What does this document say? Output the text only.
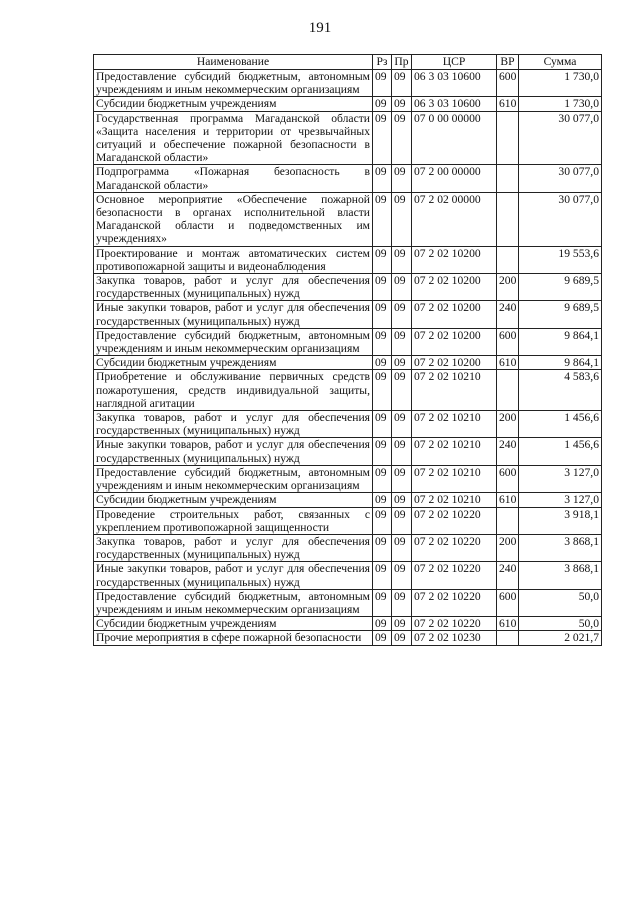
191
Наименование	Рз	Пр	ЦСР	ВР	Сумма
Предоставление субсидий бюджетным, автономным учреждениям и иным некоммерческим организациям	09	09	06 3 03 10600	600	1 730,0
Субсидии бюджетным учреждениям	09	09	06 3 03 10600	610	1 730,0
Государственная программа Магаданской области «Защита населения и территории от чрезвычайных ситуаций и обеспечение пожарной безопасности в Магаданской области»	09	09	07 0 00 00000		30 077,0
Подпрограмма «Пожарная безопасность в Магаданской области»	09	09	07 2 00 00000		30 077,0
Основное мероприятие «Обеспечение пожарной безопасности в органах исполнительной власти Магаданской области и подведомственных им учреждениях»	09	09	07 2 02 00000		30 077,0
Проектирование и монтаж автоматических систем противопожарной защиты и видеонаблюдения	09	09	07 2 02 10200		19 553,6
Закупка товаров, работ и услуг для обеспечения государственных (муниципальных) нужд	09	09	07 2 02 10200	200	9 689,5
Иные закупки товаров, работ и услуг для обеспечения государственных (муниципальных) нужд	09	09	07 2 02 10200	240	9 689,5
Предоставление субсидий бюджетным, автономным учреждениям и иным некоммерческим организациям	09	09	07 2 02 10200	600	9 864,1
Субсидии бюджетным учреждениям	09	09	07 2 02 10200	610	9 864,1
Приобретение и обслуживание первичных средств пожаротушения, средств индивидуальной защиты, наглядной агитации	09	09	07 2 02 10210		4 583,6
Закупка товаров, работ и услуг для обеспечения государственных (муниципальных) нужд	09	09	07 2 02 10210	200	1 456,6
Иные закупки товаров, работ и услуг для обеспечения государственных (муниципальных) нужд	09	09	07 2 02 10210	240	1 456,6
Предоставление субсидий бюджетным, автономным учреждениям и иным некоммерческим организациям	09	09	07 2 02 10210	600	3 127,0
Субсидии бюджетным учреждениям	09	09	07 2 02 10210	610	3 127,0
Проведение строительных работ, связанных с укреплением противопожарной защищенности	09	09	07 2 02 10220		3 918,1
Закупка товаров, работ и услуг для обеспечения государственных (муниципальных) нужд	09	09	07 2 02 10220	200	3 868,1
Иные закупки товаров, работ и услуг для обеспечения государственных (муниципальных) нужд	09	09	07 2 02 10220	240	3 868,1
Предоставление субсидий бюджетным, автономным учреждениям и иным некоммерческим организациям	09	09	07 2 02 10220	600	50,0
Субсидии бюджетным учреждениям	09	09	07 2 02 10220	610	50,0
Прочие мероприятия в сфере пожарной безопасности	09	09	07 2 02 10230		2 021,7
